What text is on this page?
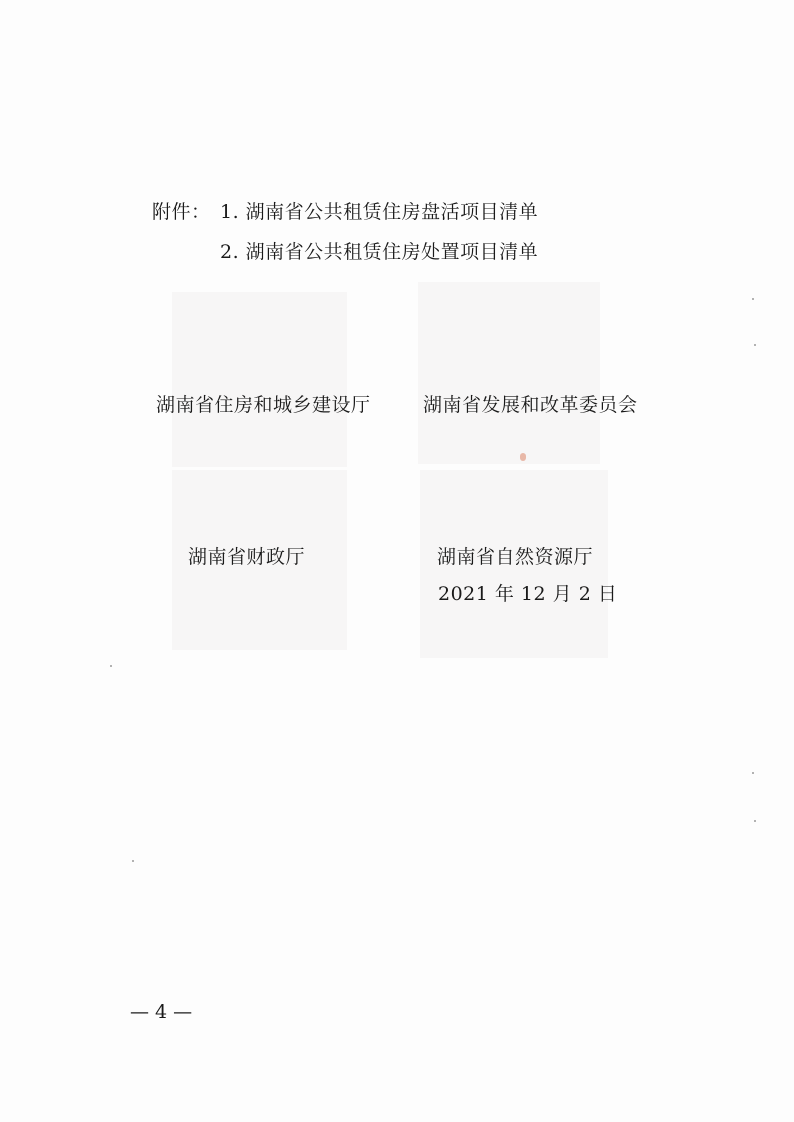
附件： 1. 湖南省公共租赁住房盘活项目清单
2. 湖南省公共租赁住房处置项目清单
湖南省住房和城乡建设厅	湖南省发展和改革委员会
湖南省财政厅	湖南省自然资源厅
2021 年 12 月 2 日
— 4 —
